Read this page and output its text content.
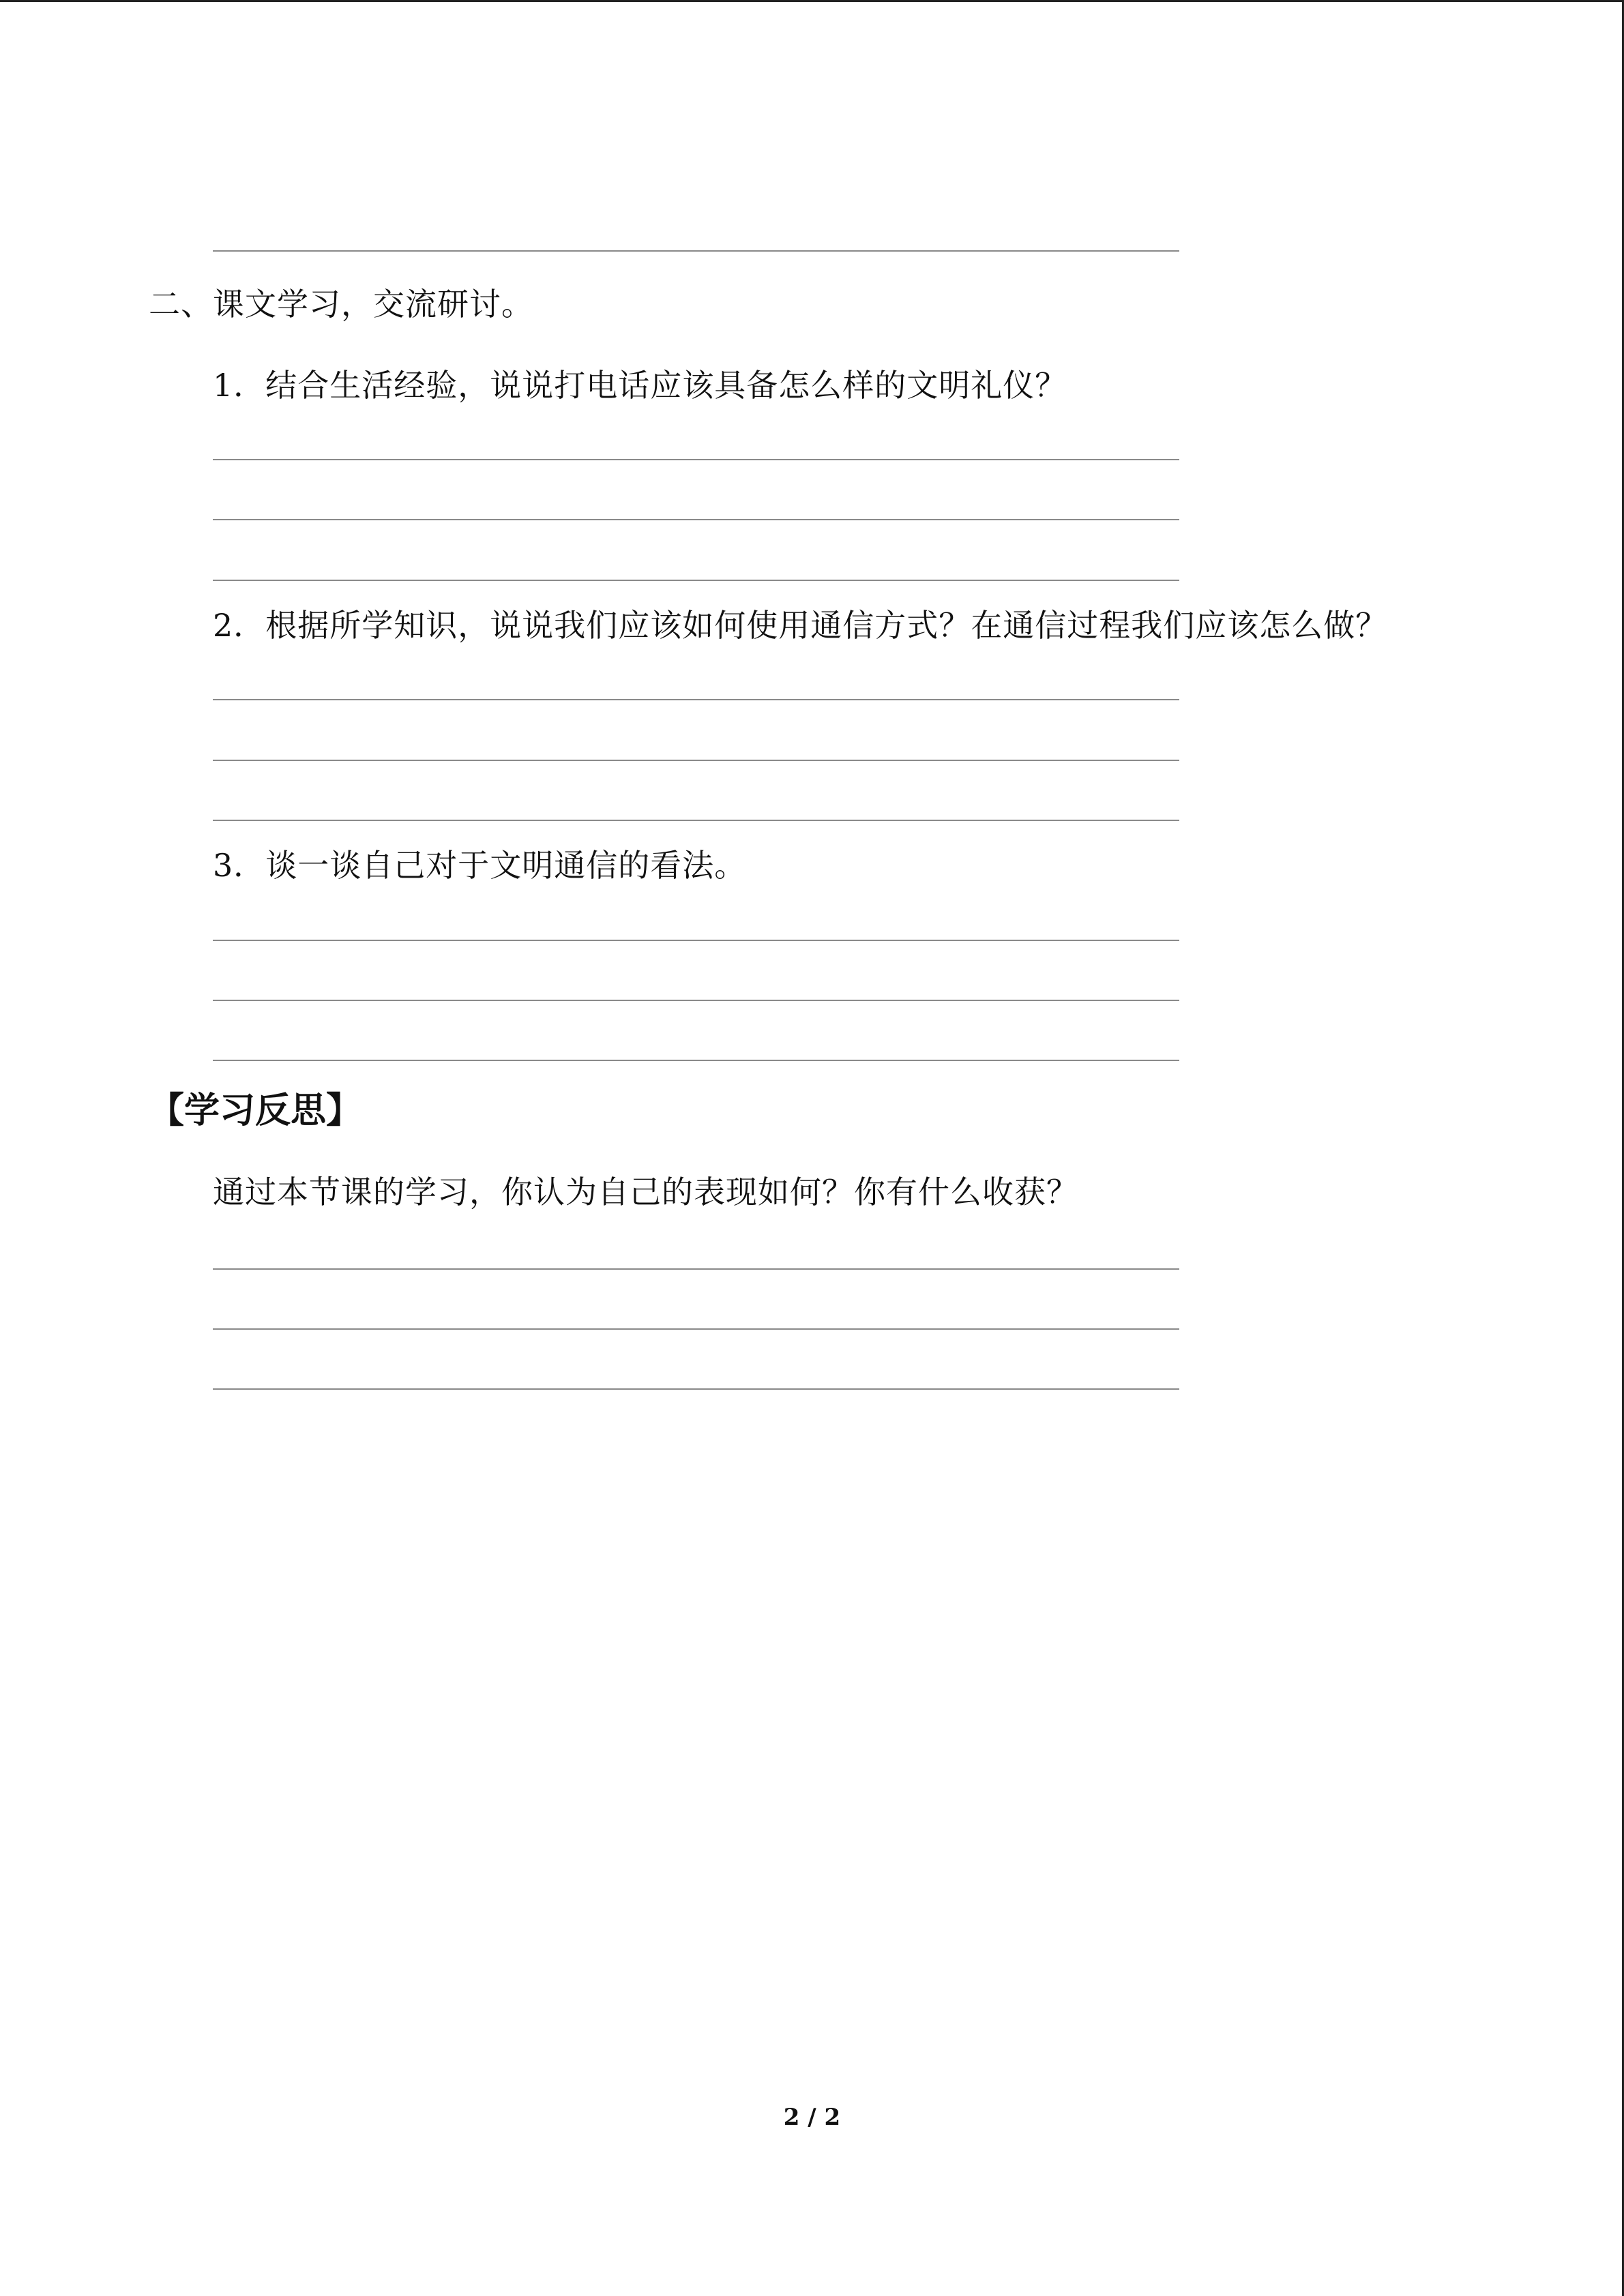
二、课文学习，交流研讨。
1．结合生活经验，说说打电话应该具备怎么样的文明礼仪？
2．根据所学知识，说说我们应该如何使用通信方式？在通信过程我们应该怎么做？
3．谈一谈自己对于文明通信的看法。
【学习反思】
通过本节课的学习，你认为自己的表现如何？你有什么收获？
2 / 2
